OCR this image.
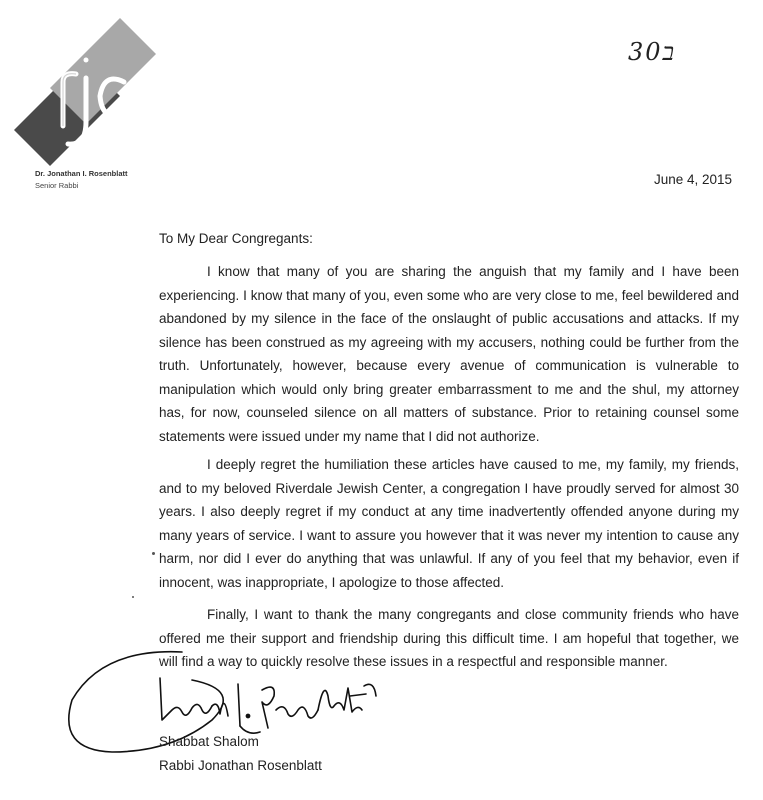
30ב
Dr. Jonathan I. Rosenblatt
Senior Rabbi	June 4, 2015
To My Dear Congregants:

I know that many of you are sharing the anguish that my family and I have been experiencing. I know that many of you, even some who are very close to me, feel bewildered and abandoned by my silence in the face of the onslaught of public accusations and attacks. If my silence has been construed as my agreeing with my accusers, nothing could be further from the truth. Unfortunately, however, because every avenue of communication is vulnerable to manipulation which would only bring greater embarrassment to me and the shul, my attorney has, for now, counseled silence on all matters of substance. Prior to retaining counsel some statements were issued under my name that I did not authorize.

I deeply regret the humiliation these articles have caused to me, my family, my friends, and to my beloved Riverdale Jewish Center, a congregation I have proudly served for almost 30 years. I also deeply regret if my conduct at any time inadvertently offended anyone during my many years of service. I want to assure you however that it was never my intention to cause any harm, nor did I ever do anything that was unlawful. If any of you feel that my behavior, even if innocent, was inappropriate, I apologize to those affected.

Finally, I want to thank the many congregants and close community friends who have offered me their support and friendship during this difficult time. I am hopeful that together, we will find a way to quickly resolve these issues in a respectful and responsible manner.

Shabbat Shalom
Rabbi Jonathan Rosenblatt
